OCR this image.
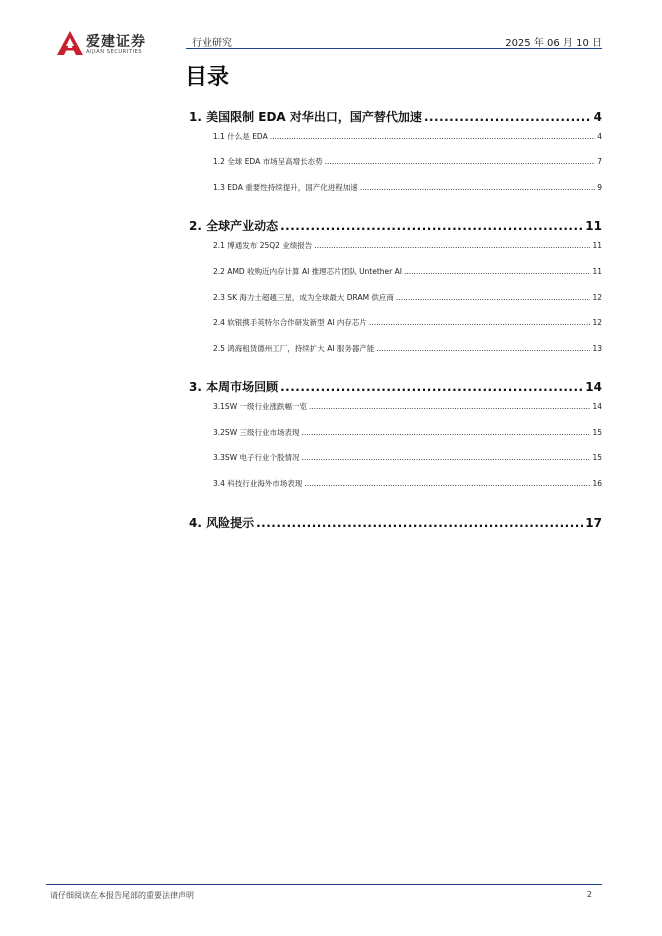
爱建证券
AIJIAN SECURITIES
行业研究	2025 年 06 月 10 日
目录
1. 美国限制 EDA 对华出口，国产替代加速 .....	4
1.1 什么是 EDA .....	4
1.2 全球 EDA 市场呈高增长态势 .....	7
1.3 EDA 重要性持续提升，国产化进程加速 .....	9
2. 全球产业动态 .....	11
2.1 博通发布 25Q2 业绩报告 .....	11
2.2 AMD 收购近内存计算 AI 推理芯片团队 Untether AI .....	11
2.3 SK 海力士超越三星，成为全球最大 DRAM 供应商 .....	12
2.4 软银携手英特尔合作研发新型 AI 内存芯片 .....	12
2.5 鸿海租赁德州工厂，持续扩大 AI 服务器产能 .....	13
3. 本周市场回顾 .....	14
3.1SW 一级行业涨跌幅一览 .....	14
3.2SW 三级行业市场表现 .....	15
3.3SW 电子行业个股情况 .....	15
3.4 科技行业海外市场表现 .....	16
4. 风险提示 .....	17
请仔细阅读在本报告尾部的重要法律声明	2
